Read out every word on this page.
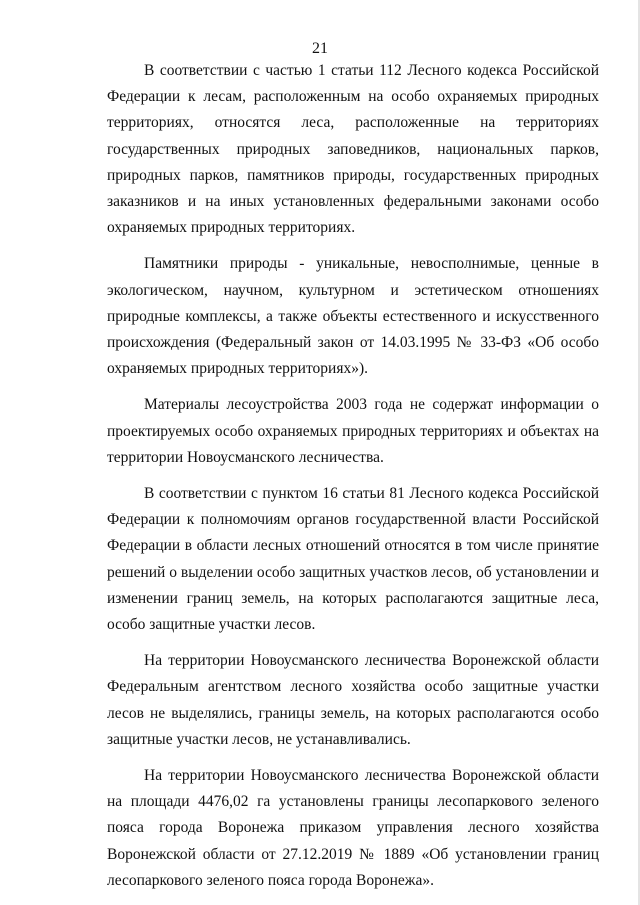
21

В соответствии с частью 1 статьи 112 Лесного кодекса Российской Федерации к лесам, расположенным на особо охраняемых природных территориях, относятся леса, расположенные на территориях государственных природных заповедников, национальных парков, природных парков, памятников природы, государственных природных заказников и на иных установленных федеральными законами особо охраняемых природных территориях.

Памятники природы - уникальные, невосполнимые, ценные в экологическом, научном, культурном и эстетическом отношениях природные комплексы, а также объекты естественного и искусственного происхождения (Федеральный закон от 14.03.1995 № 33-ФЗ «Об особо охраняемых природных территориях»).

Материалы лесоустройства 2003 года не содержат информации о проектируемых особо охраняемых природных территориях и объектах на территории Новоусманского лесничества.

В соответствии с пунктом 16 статьи 81 Лесного кодекса Российской Федерации к полномочиям органов государственной власти Российской Федерации в области лесных отношений относятся в том числе принятие решений о выделении особо защитных участков лесов, об установлении и изменении границ земель, на которых располагаются защитные леса, особо защитные участки лесов.

На территории Новоусманского лесничества Воронежской области Федеральным агентством лесного хозяйства особо защитные участки лесов не выделялись, границы земель, на которых располагаются особо защитные участки лесов, не устанавливались.

На территории Новоусманского лесничества Воронежской области на площади 4476,02 га установлены границы лесопаркового зеленого пояса города Воронежа приказом управления лесного хозяйства Воронежской области от 27.12.2019 № 1889 «Об установлении границ лесопаркового зеленого пояса города Воронежа».
